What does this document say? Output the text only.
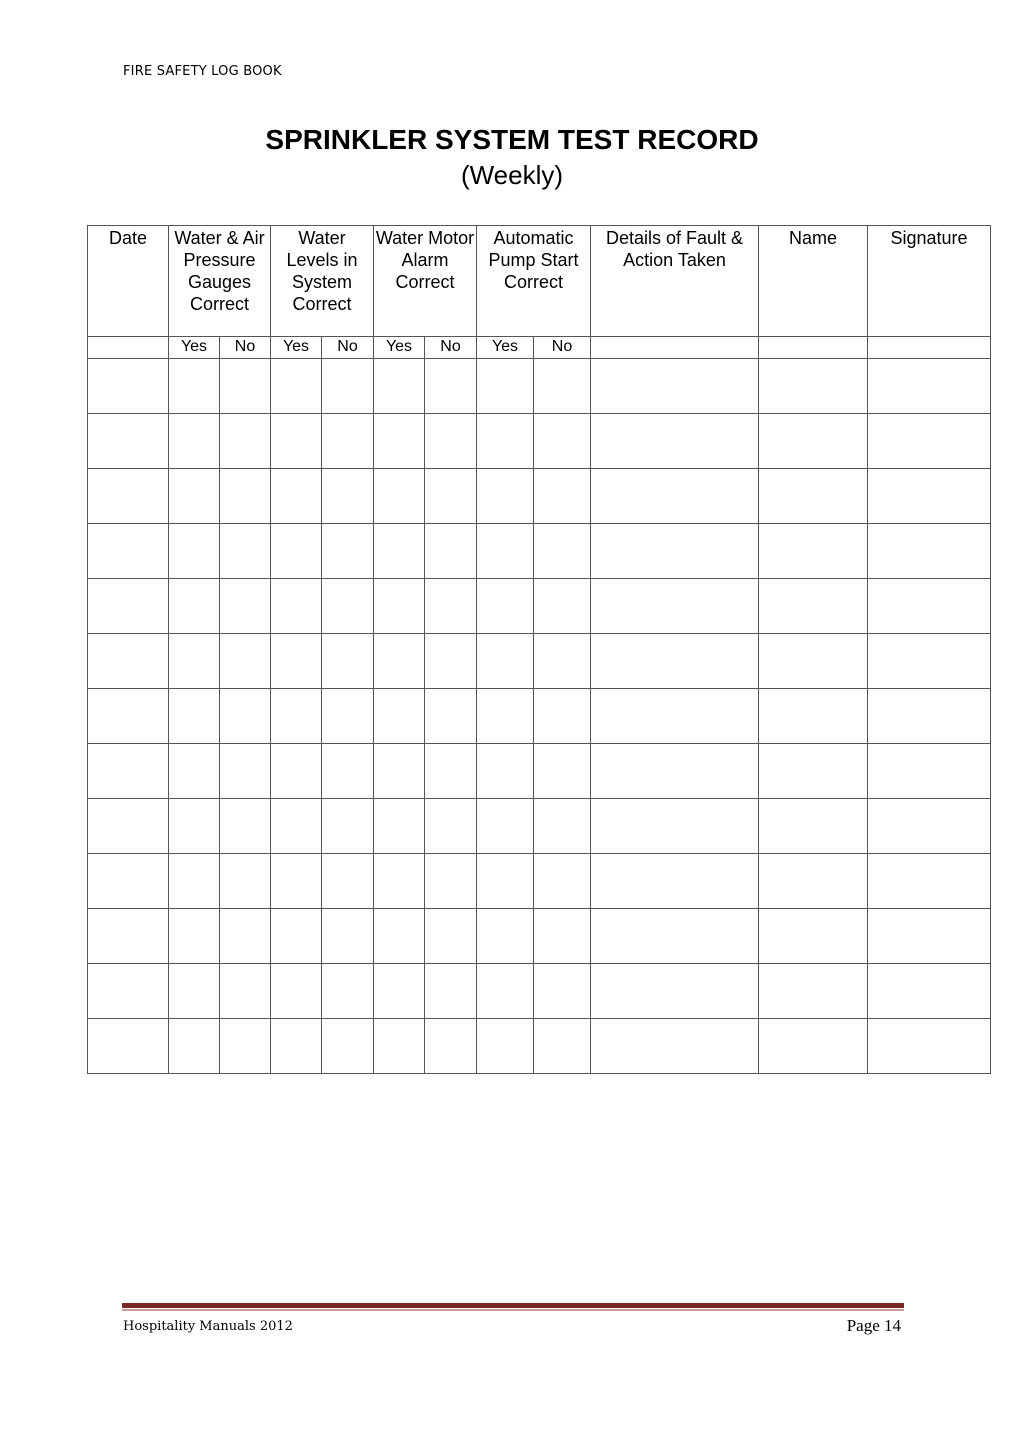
FIRE SAFETY LOG BOOK
SPRINKLER SYSTEM TEST RECORD
(Weekly)
Date	Water & Air Pressure Gauges Correct		Water Levels in System Correct		Water Motor Alarm Correct		Automatic Pump Start Correct		Details of Fault & Action Taken	Name	Signature
	Yes	No	Yes	No	Yes	No	Yes	No			

Hospitality Manuals 2012	Page 14
